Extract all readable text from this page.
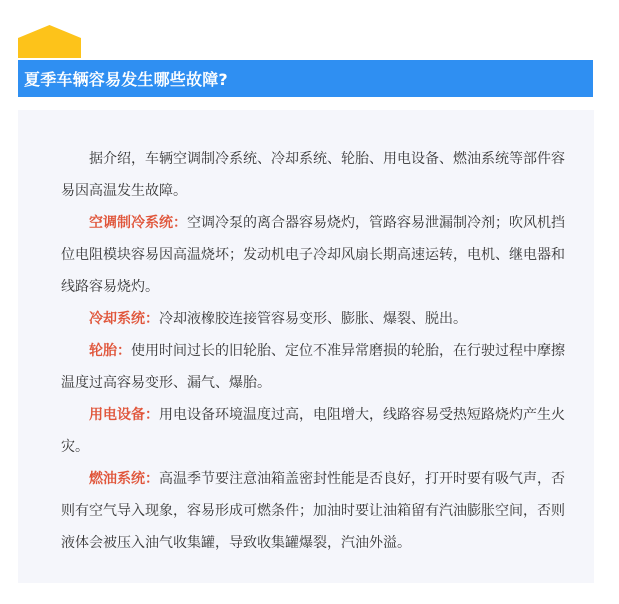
夏季车辆容易发生哪些故障?

据介绍，车辆空调制冷系统、冷却系统、轮胎、用电设备、燃油系统等部件容易因高温发生故障。

空调制冷系统：空调冷泵的离合器容易烧灼，管路容易泄漏制冷剂；吹风机挡位电阻模块容易因高温烧坏；发动机电子冷却风扇长期高速运转，电机、继电器和线路容易烧灼。

冷却系统：冷却液橡胶连接管容易变形、膨胀、爆裂、脱出。

轮胎：使用时间过长的旧轮胎、定位不准异常磨损的轮胎，在行驶过程中摩擦温度过高容易变形、漏气、爆胎。

用电设备：用电设备环境温度过高，电阻增大，线路容易受热短路烧灼产生火灾。

燃油系统：高温季节要注意油箱盖密封性能是否良好，打开时要有吸气声，否则有空气导入现象，容易形成可燃条件；加油时要让油箱留有汽油膨胀空间，否则液体会被压入油气收集罐，导致收集罐爆裂，汽油外溢。
